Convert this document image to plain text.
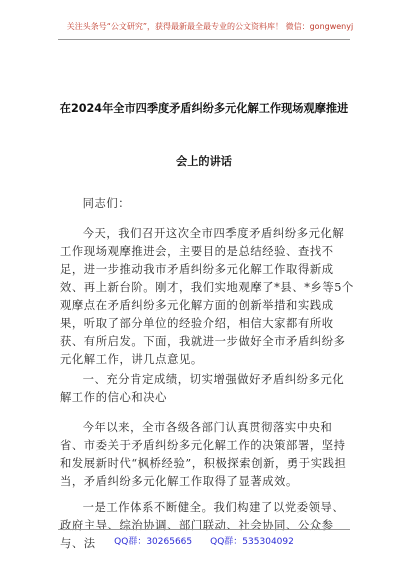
关注头条号“公文研究”，获得最新最全最专业的公文资料库！ 微信：gongwenyj
在2024年全市四季度矛盾纠纷多元化解工作现场观摩推进
会上的讲话

同志们：

今天，我们召开这次全市四季度矛盾纠纷多元化解工作现场观摩推进会，主要目的是总结经验、查找不足，进一步推动我市矛盾纠纷多元化解工作取得新成效、再上新台阶。刚才，我们实地观摩了*县、*乡等5个观摩点在矛盾纠纷多元化解方面的创新举措和实践成果，听取了部分单位的经验介绍，相信大家都有所收获、有所启发。下面，我就进一步做好全市矛盾纠纷多元化解工作，讲几点意见。

一、充分肯定成绩，切实增强做好矛盾纠纷多元化解工作的信心和决心

今年以来，全市各级各部门认真贯彻落实中央和省、市委关于矛盾纠纷多元化解工作的决策部署，坚持和发展新时代“枫桥经验”，积极探索创新，勇于实践担当，矛盾纠纷多元化解工作取得了显著成效。

一是工作体系不断健全。我们构建了以党委领导、政府主导、综治协调、部门联动、社会协同、公众参与、法	QQ群：30265665 QQ群：535304092
